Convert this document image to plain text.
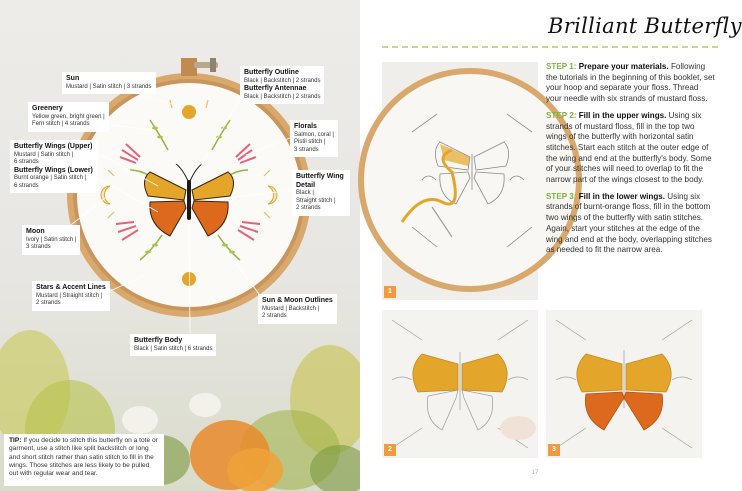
Sun
Mustard | Satin stitch | 3 strands
Greenery
Yellow green, bright green |
Fern stitch | 4 strands
Butterfly Wings (Upper)
Mustard | Satin stitch |
6 strands
Butterfly Wings (Lower)
Burnt orange | Satin stitch |
6 strands
Moon
Ivory | Satin stitch |
3 strands
Stars & Accent Lines
Mustard | Straight stitch |
2 strands
Butterfly Body
Black | Satin stitch | 6 strands
Butterfly Outline
Black | Backstitch | 2 strands
Butterfly Antennae
Black | Backstitch | 2 strands
Florals
Salmon, coral |
Pistil stitch |
3 strands
Butterfly Wing Detail
Black |
Straight stitch |
2 strands
Sun & Moon Outlines
Mustard | Backstitch |
2 strands
TIP: If you decide to stitch this butterfly on a tote or garment, use a stitch like split backstitch or long and short stitch rather than satin stitch to fill in the wings. Those stitches are less likely to be pulled out with regular wear and tear.
Brilliant Butterfly
1
2	3

STEP 1: Prepare your materials. Following the tutorials in the beginning of this booklet, set your hoop and separate your floss. Thread your needle with six strands of mustard floss.

STEP 2: Fill in the upper wings. Using six strands of mustard floss, fill in the top two wings of the butterfly with horizontal satin stitches. Start each stitch at the outer edge of the wing and end at the butterfly's body. Some of your stitches will need to overlap to fit the narrow part of the wings closest to the body.

STEP 3: Fill in the lower wings. Using six strands of burnt-orange floss, fill in the bottom two wings of the butterfly with satin stitches. Again, start your stitches at the edge of the wing and end at the body, overlapping stitches as needed to fit the narrow area.

17
